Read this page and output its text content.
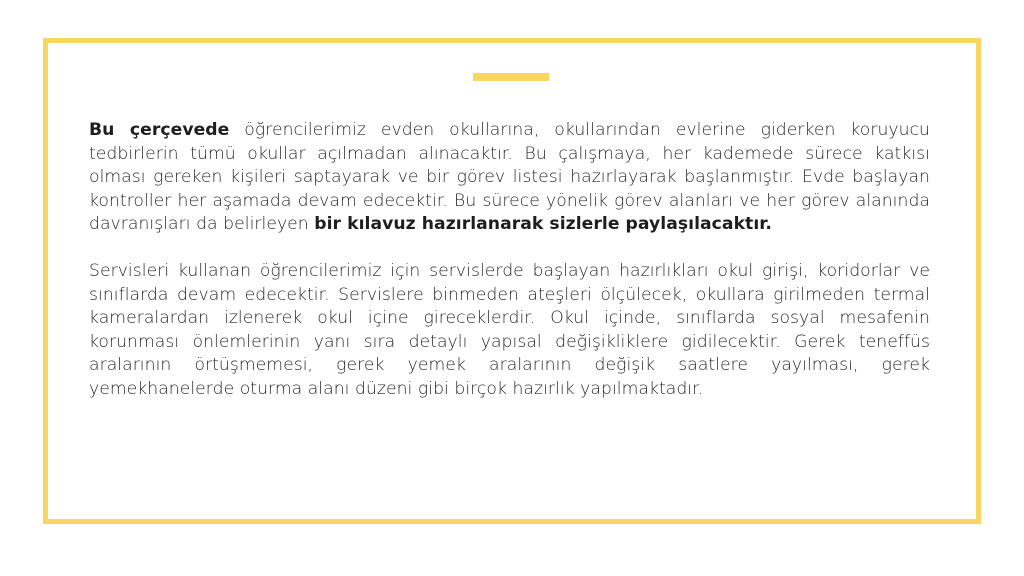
Bu çerçevede öğrencilerimiz evden okullarına, okullarından evlerine giderken koruyucu tedbirlerin tümü okullar açılmadan alınacaktır. Bu çalışmaya, her kademede sürece katkısı olması gereken kişileri saptayarak ve bir görev listesi hazırlayarak başlanmıştır. Evde başlayan kontroller her aşamada devam edecektir. Bu sürece yönelik görev alanları ve her görev alanında davranışları da belirleyen bir kılavuz hazırlanarak sizlerle paylaşılacaktır.

Servisleri kullanan öğrencilerimiz için servislerde başlayan hazırlıkları okul girişi, koridorlar ve sınıflarda devam edecektir. Servislere binmeden ateşleri ölçülecek, okullara girilmeden termal kameralardan izlenerek okul içine gireceklerdir. Okul içinde, sınıflarda sosyal mesafenin korunması önlemlerinin yanı sıra detaylı yapısal değişikliklere gidilecektir. Gerek teneffüs aralarının örtüşmemesi, gerek yemek aralarının değişik saatlere yayılması, gerek yemekhanelerde oturma alanı düzeni gibi birçok hazırlık yapılmaktadır.
